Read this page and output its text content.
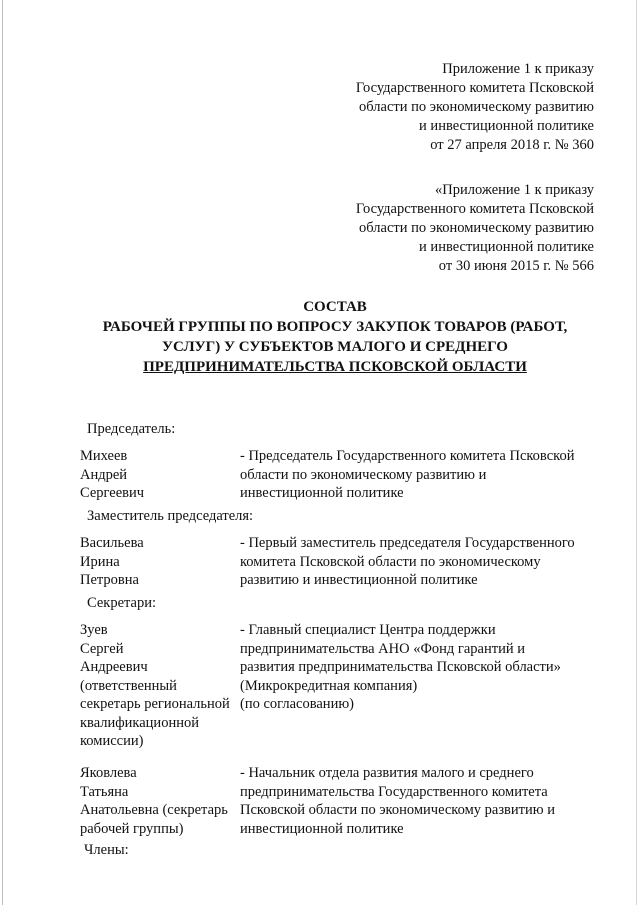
Приложение 1 к приказу
Государственного комитета Псковской
области по экономическому развитию
и инвестиционной политике
от 27 апреля 2018 г. № 360
«Приложение 1 к приказу
Государственного комитета Псковской
области по экономическому развитию
и инвестиционной политике
от 30 июня 2015 г. № 566
СОСТАВ
РАБОЧЕЙ ГРУППЫ ПО ВОПРОСУ ЗАКУПОК ТОВАРОВ (РАБОТ,
УСЛУГ) У СУБЪЕКТОВ МАЛОГО И СРЕДНЕГО
ПРЕДПРИНИМАТЕЛЬСТВА ПСКОВСКОЙ ОБЛАСТИ
Председатель:
Михеев
Андрей
Сергеевич
- Председатель Государственного комитета Псковской
области по экономическому развитию и
инвестиционной политике
Заместитель председателя:
Васильева
Ирина
Петровна
- Первый заместитель председателя Государственного
комитета Псковской области по экономическому
развитию и инвестиционной политике
Секретари:
Зуев
Сергей
Андреевич
(ответственный
секретарь региональной
квалификационной
комиссии)
- Главный специалист Центра поддержки
предпринимательства АНО «Фонд гарантий и
развития предпринимательства Псковской области»
(Микрокредитная компания)
(по согласованию)
Яковлева
Татьяна
Анатольевна (секретарь
рабочей группы)
- Начальник отдела развития малого и среднего
предпринимательства Государственного комитета
Псковской области по экономическому развитию и
инвестиционной политике
Члены:
